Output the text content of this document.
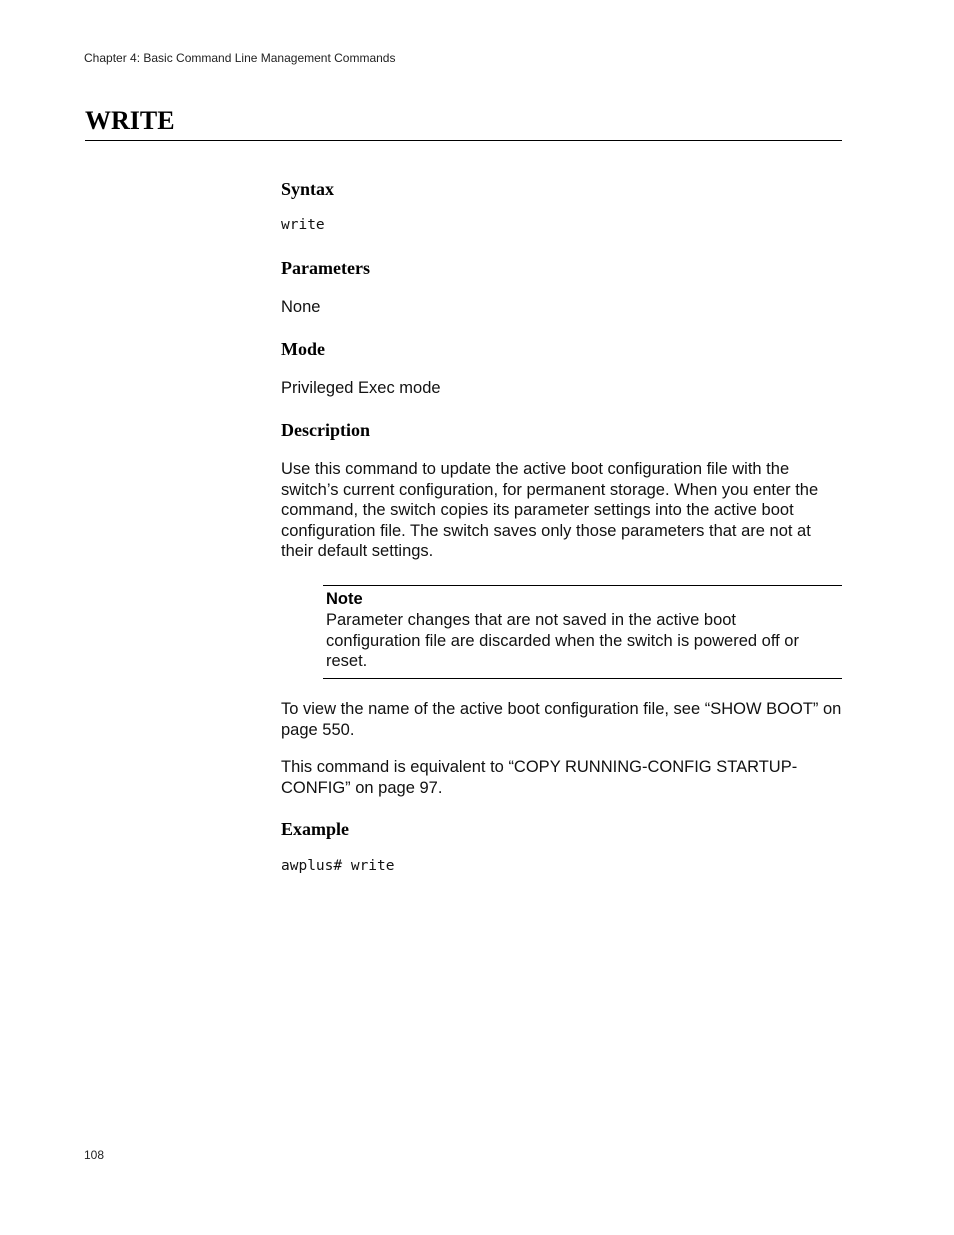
Chapter 4: Basic Command Line Management Commands
WRITE
Syntax
write
Parameters

None

Mode

Privileged Exec mode

Description

Use this command to update the active boot configuration file with the switch’s current configuration, for permanent storage. When you enter the command, the switch copies its parameter settings into the active boot configuration file. The switch saves only those parameters that are not at their default settings.

Note

Parameter changes that are not saved in the active boot configuration file are discarded when the switch is powered off or reset.

To view the name of the active boot configuration file, see “SHOW BOOT” on page 550.

This command is equivalent to “COPY RUNNING-CONFIG STARTUP-CONFIG” on page 97.

Example
awplus# write
108
